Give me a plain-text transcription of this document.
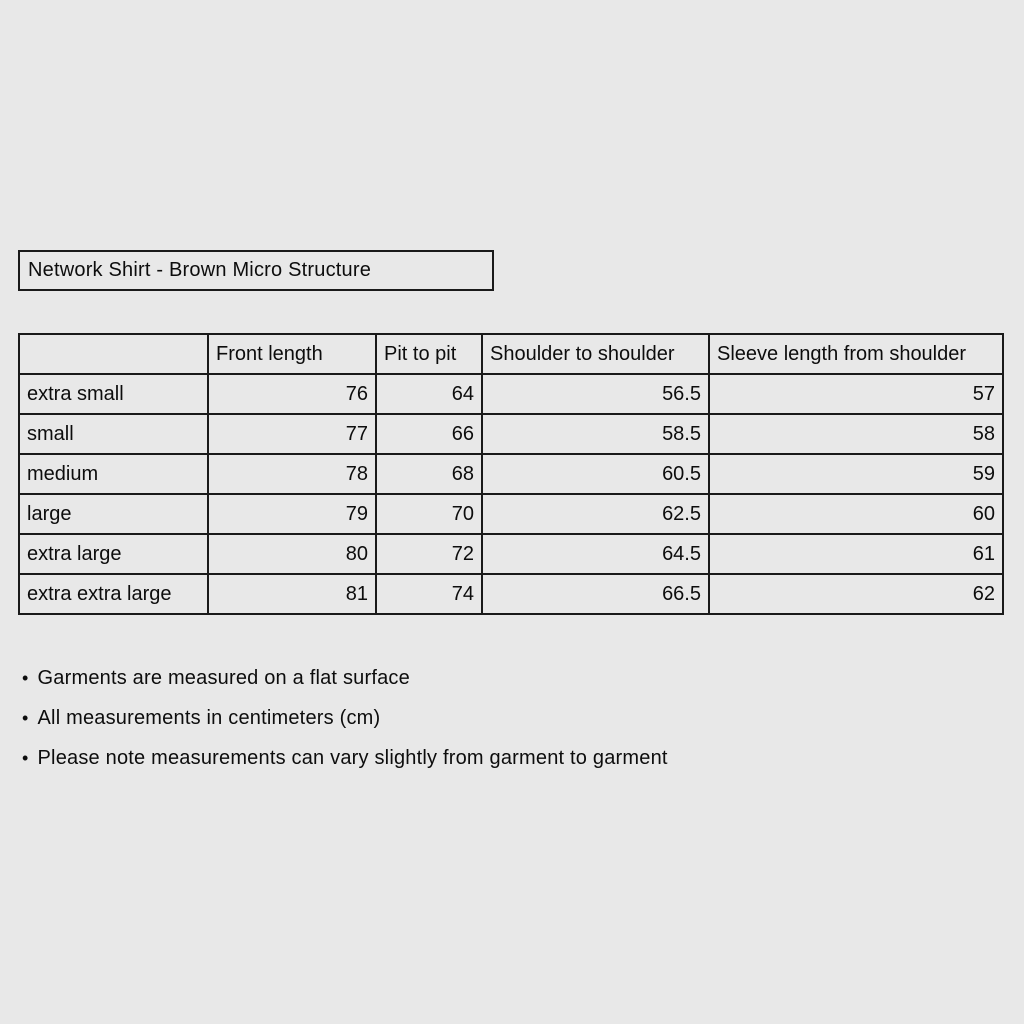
Network Shirt - Brown Micro Structure
	Front length	Pit to pit	Shoulder to shoulder	Sleeve length from shoulder
extra small	76	64	56.5	57
small	77	66	58.5	58
medium	78	68	60.5	59
large	79	70	62.5	60
extra large	80	72	64.5	61
extra extra large	81	74	66.5	62
• Garments are measured on a flat surface
• All measurements in centimeters (cm)
• Please note measurements can vary slightly from garment to garment
